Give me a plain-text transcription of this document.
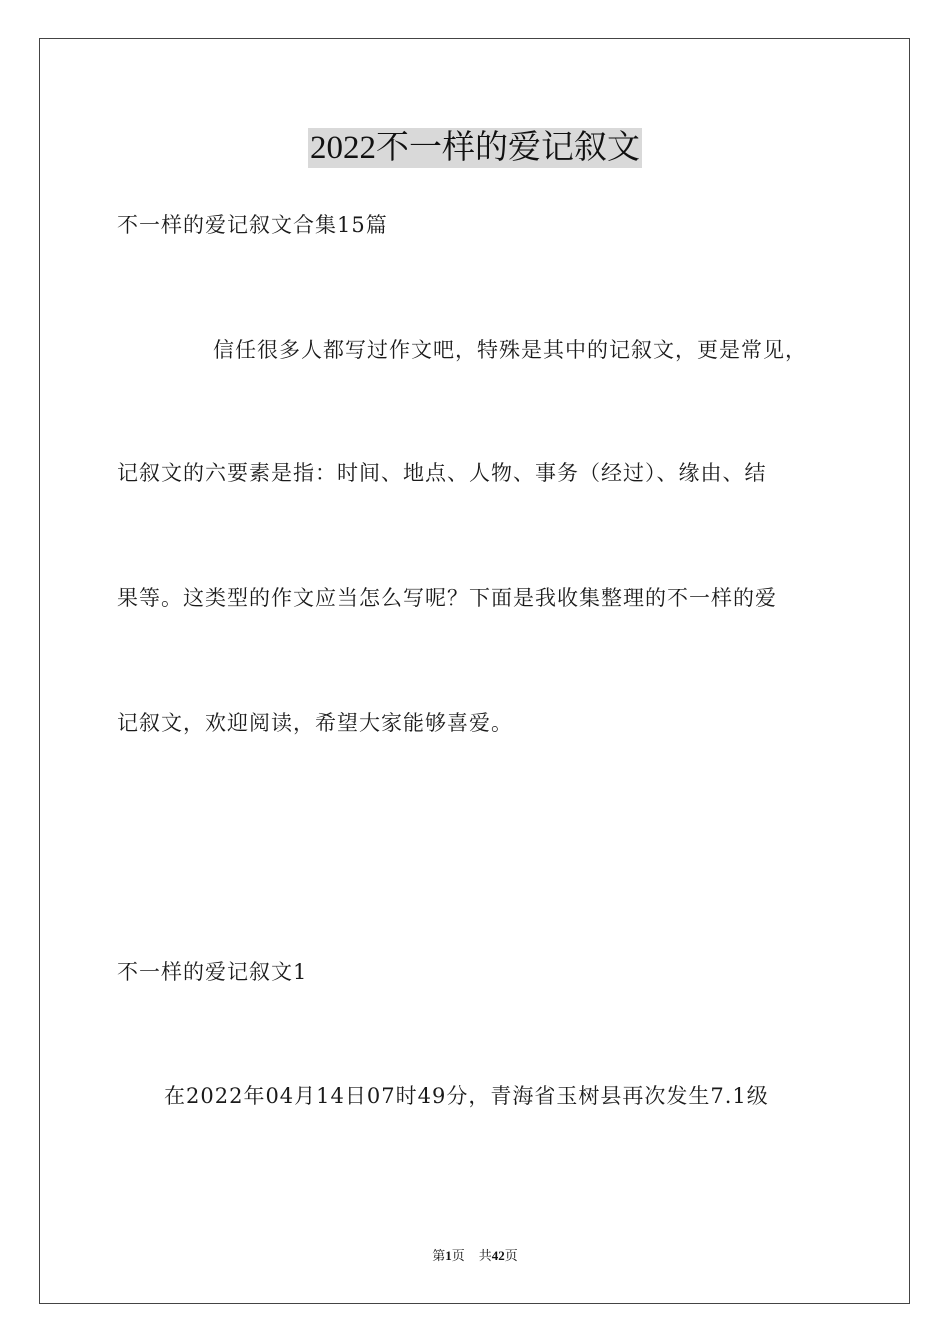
2022不一样的爱记叙文
不一样的爱记叙文合集15篇
信任很多人都写过作文吧，特殊是其中的记叙文，更是常见，
记叙文的六要素是指：时间、地点、人物、事务（经过）、缘由、结
果等。这类型的作文应当怎么写呢？下面是我收集整理的不一样的爱
记叙文，欢迎阅读，希望大家能够喜爱。
不一样的爱记叙文1
在2022年04月14日07时49分，青海省玉树县再次发生7.1级
第1页 共42页
